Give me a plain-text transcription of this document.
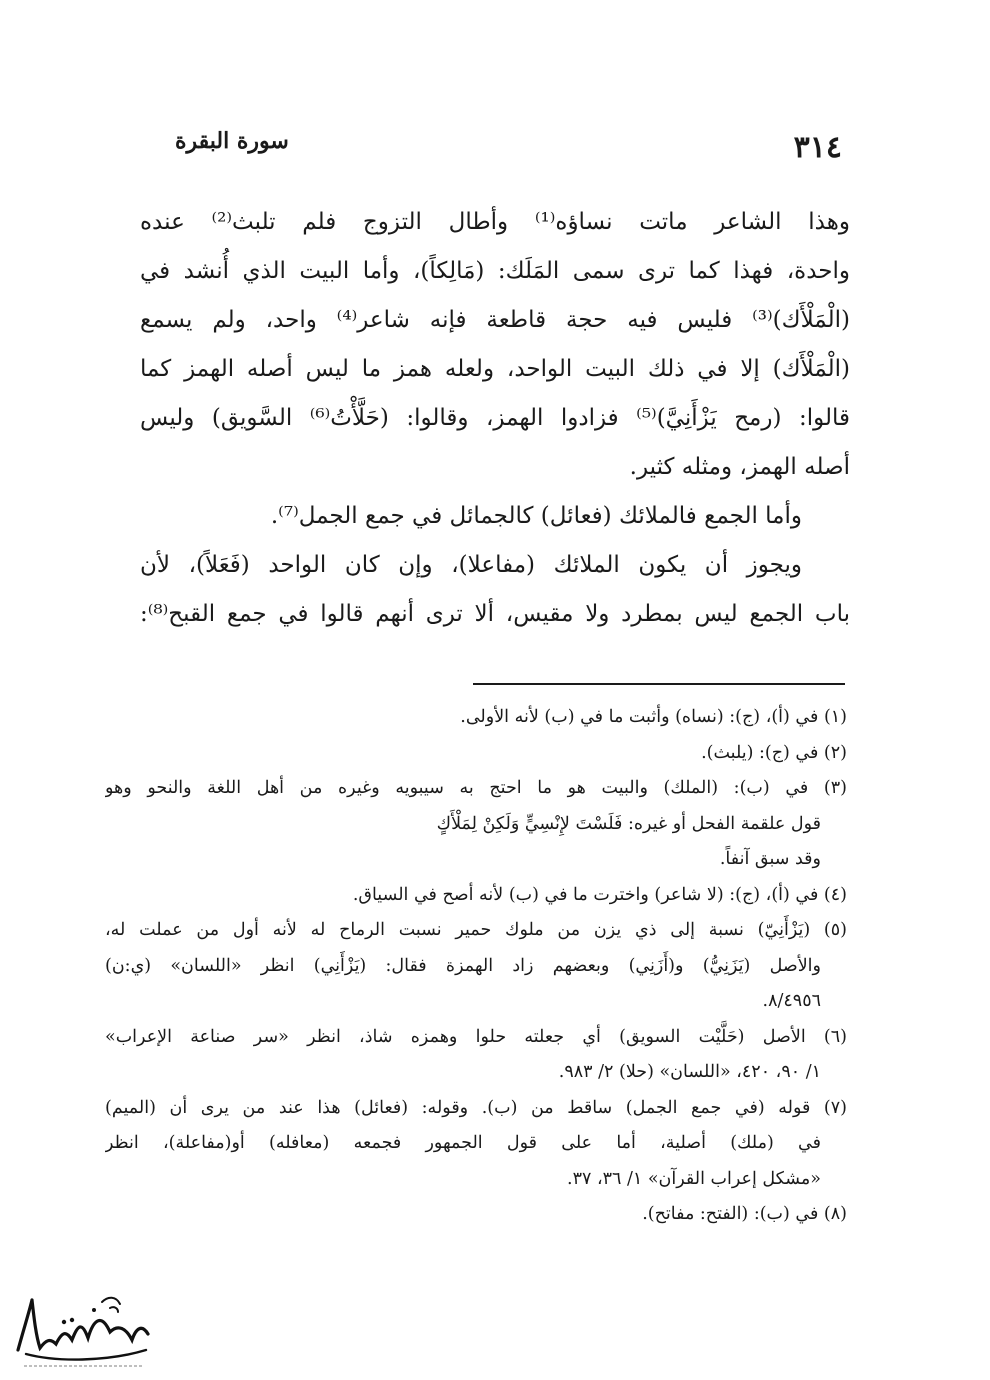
٣١٤
سورة البقرة
وهذا الشاعر ماتت نساؤه⁽¹⁾ وأطال التزوج فلم تلبث⁽²⁾ عنده
واحدة، فهذا كما ترى سمى المَلَك: (مَالِكاً)، وأما البيت الذي أُنشد في
(الْمَلْأَك)⁽³⁾ فليس فيه حجة قاطعة فإنه شاعر⁽⁴⁾ واحد، ولم يسمع
(الْمَلْأَك) إلا في ذلك البيت الواحد، ولعله همز ما ليس أصله الهمز كما
قالوا: (رمح يَزْأَنِيَّ)⁽⁵⁾ فزادوا الهمز، وقالوا: (حَلَّأْتُ⁽⁶⁾ السَّويق) وليس
أصله الهمز، ومثله كثير.
وأما الجمع فالملائك (فعائل) كالجمائل في جمع الجمل⁽⁷⁾.
ويجوز أن يكون الملائك (مفاعلا)، وإن كان الواحد (فَعَلاً)، لأن
باب الجمع ليس بمطرد ولا مقيس، ألا ترى أنهم قالوا في جمع القبح⁽⁸⁾:
(١) في (أ)، (ج): (نساه) وأثبت ما في (ب) لأنه الأولى.
(٢) في (ج): (يلبث).
(٣) في (ب): (الملك) والبيت هو ما احتج به سيبويه وغيره من أهل اللغة والنحو وهو
قول علقمة الفحل أو غيره: فَلَسْتَ لإِنْسِيٍّ وَلَكِنْ لِمَلْأَكٍ
وقد سبق آنفاً.
(٤) في (أ)، (ج): (لا شاعر) واخترت ما في (ب) لأنه أصح في السياق.
(٥) (يَزْأَنِيّ) نسبة إلى ذي يزن من ملوك حمير نسبت الرماح له لأنه أول من عملت له،
والأصل (يَزَنِيُّ) و(أَزَنِي) وبعضهم زاد الهمزة فقال: (يَزْأَنِي) انظر «اللسان» (ي:ن)
٨/٤٩٥٦.
(٦) الأصل (حَلَّيْت السويق) أي جعلته حلوا وهمزه شاذ، انظر «سر صناعة الإعراب»
١/ ٩٠، ٤٢٠، «اللسان» (حلا) ٢/ ٩٨٣.
(٧) قوله (في جمع الجمل) ساقط من (ب). وقوله: (فعائل) هذا عند من يرى أن (الميم)
في (ملك) أصلية، أما على قول الجمهور فجمعه (معافله) أو(مفاعلة)، انظر
«مشكل إعراب القرآن» ١/ ٣٦، ٣٧.
(٨) في (ب): (الفتح: مفاتح).
